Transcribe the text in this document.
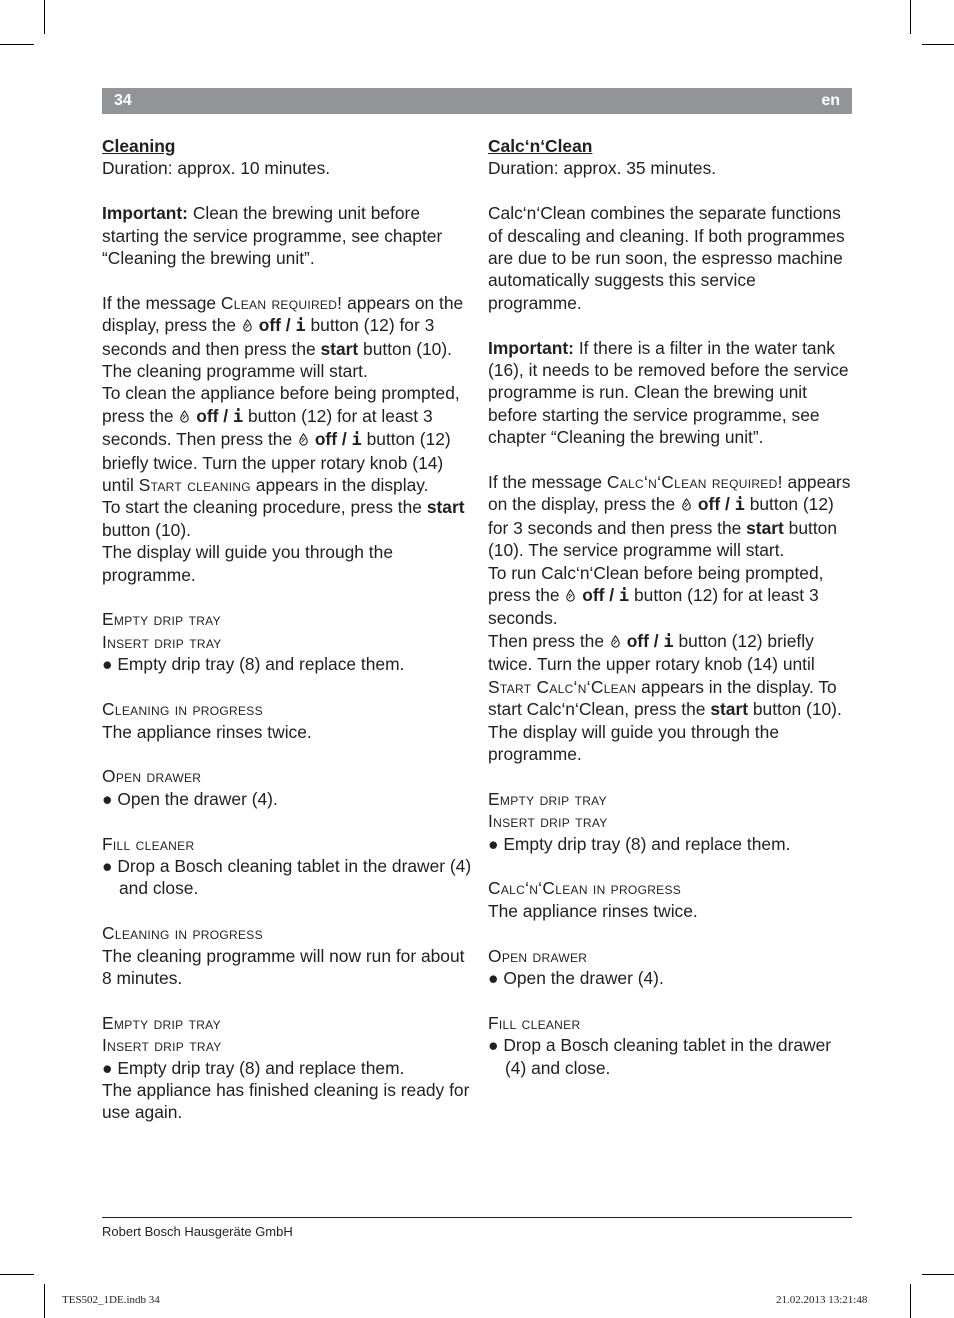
34	en

Cleaning

Duration: approx. 10 minutes.

Important: Clean the brewing unit before starting the service programme, see chapter “Cleaning the brewing unit”.

If the message Clean required! appears on the display, press the  off / i button (12) for 3 seconds and then press the start button (10).

The cleaning programme will start.

To clean the appliance before being prompted, press the  off / i button (12) for at least 3 seconds. Then press the  off / i button (12) briefly twice. Turn the upper rotary knob (14) until Start cleaning appears in the display.

To start the cleaning procedure, press the start button (10).

The display will guide you through the programme.

Empty drip tray

Insert drip tray

● Empty drip tray (8) and replace them.

Cleaning in progress

The appliance rinses twice.

Open drawer

● Open the drawer (4).

Fill cleaner

● Drop a Bosch cleaning tablet in the drawer (4) and close.

Cleaning in progress

The cleaning programme will now run for about 8 minutes.

Empty drip tray

Insert drip tray

● Empty drip tray (8) and replace them.

The appliance has finished cleaning is ready for use again.

Calc‘n‘Clean

Duration: approx. 35 minutes.

Calc‘n‘Clean combines the separate functions of descaling and cleaning. If both programmes are due to be run soon, the espresso machine automatically suggests this service programme.

Important: If there is a filter in the water tank (16), it needs to be removed before the service programme is run. Clean the brewing unit before starting the service programme, see chapter “Cleaning the brewing unit”.

If the message Calc‘n‘Clean required! appears on the display, press the  off / i button (12) for 3 seconds and then press the start button (10). The service programme will start.

To run Calc‘n‘Clean before being prompted, press the  off / i button (12) for at least 3 seconds.

Then press the  off / i button (12) briefly twice. Turn the upper rotary knob (14) until Start Calc‘n‘Clean appears in the display. To start Calc‘n‘Clean, press the start button (10).

The display will guide you through the programme.

Empty drip tray

Insert drip tray

● Empty drip tray (8) and replace them.

Calc‘n‘Clean in progress

The appliance rinses twice.

Open drawer

● Open the drawer (4).

Fill cleaner

● Drop a Bosch cleaning tablet in the drawer (4) and close.

Robert Bosch Hausgeräte GmbH
TES502_1DE.indb 34	21.02.2013 13:21:48
